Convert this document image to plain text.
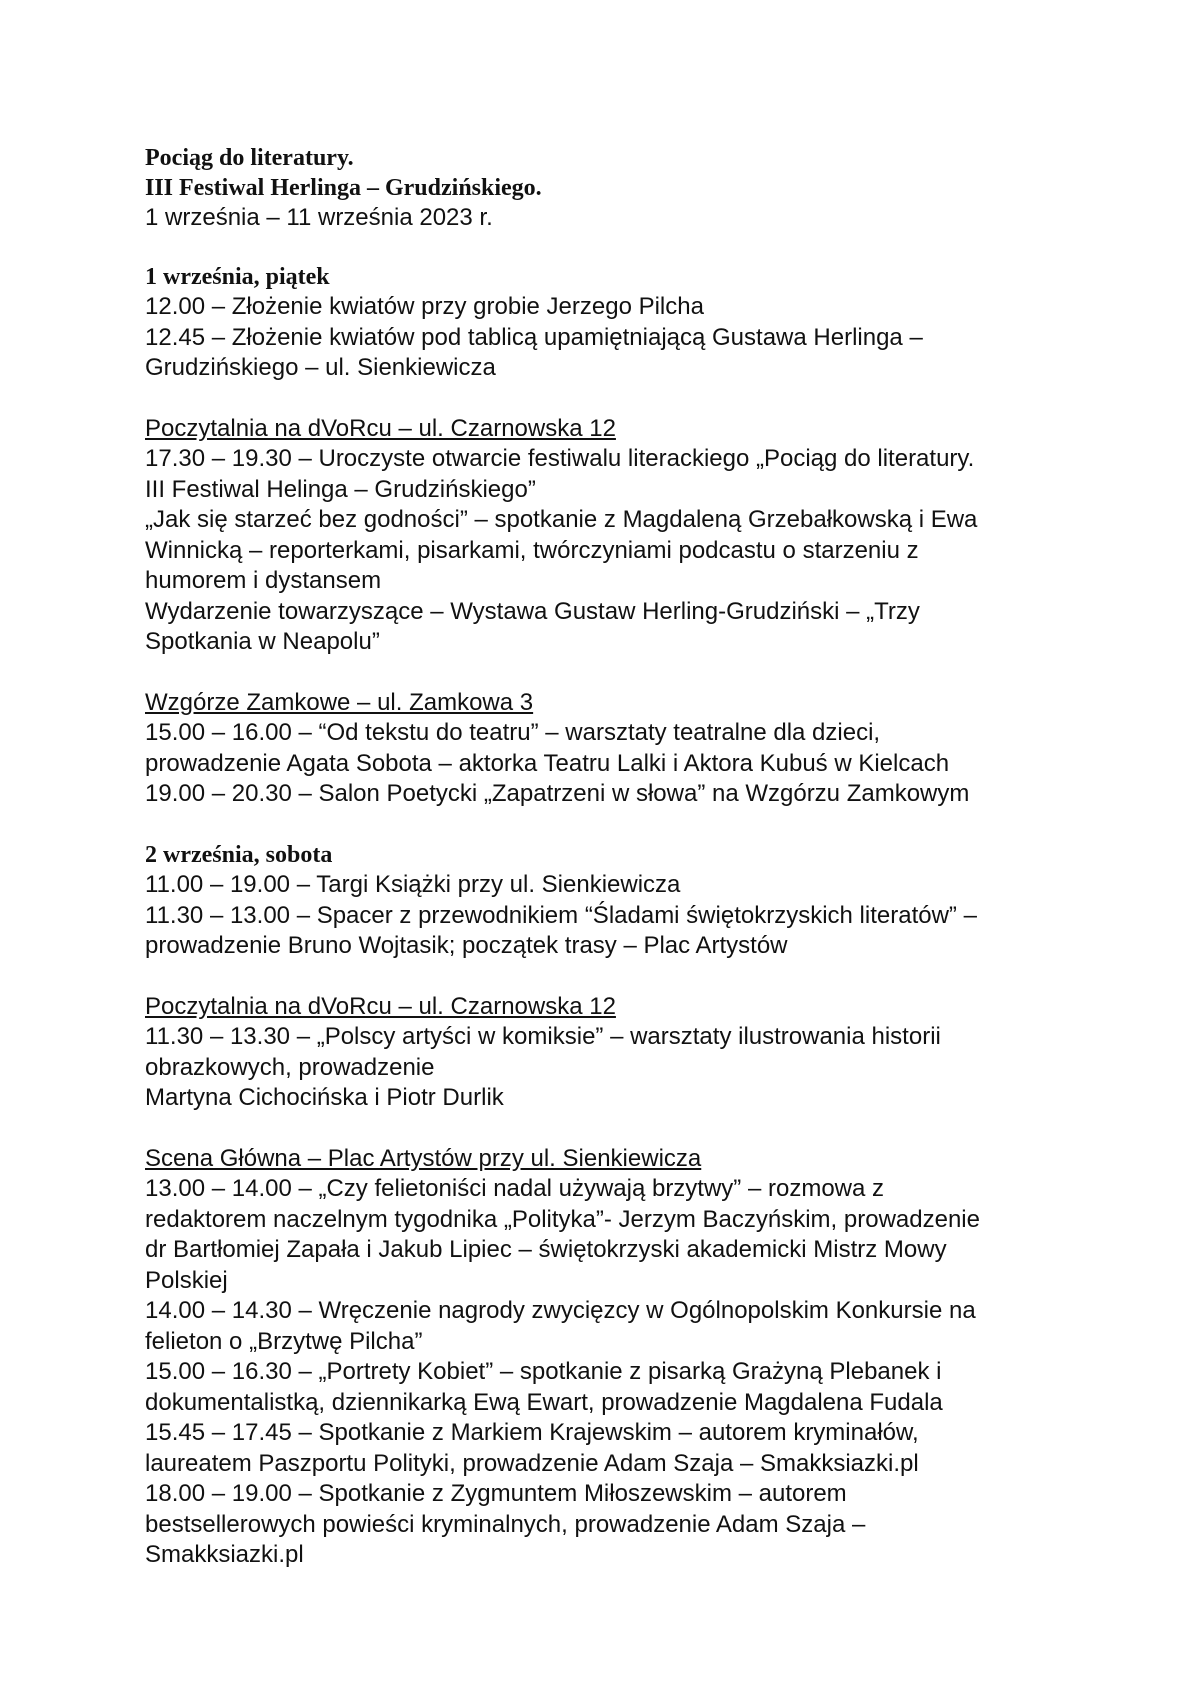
Pociąg do literatury.
III Festiwal Herlinga – Grudzińskiego.
1 września – 11 września 2023 r.
1 września, piątek
12.00 – Złożenie kwiatów przy grobie Jerzego Pilcha
12.45 – Złożenie kwiatów pod tablicą upamiętniającą Gustawa Herlinga –
Grudzińskiego – ul. Sienkiewicza
Poczytalnia na dVoRcu – ul. Czarnowska 12
17.30 – 19.30 – Uroczyste otwarcie festiwalu literackiego „Pociąg do literatury.
III Festiwal Helinga – Grudzińskiego”
„Jak się starzeć bez godności” – spotkanie z Magdaleną Grzebałkowską i Ewa
Winnicką – reporterkami, pisarkami, twórczyniami podcastu o starzeniu z
humorem i dystansem
Wydarzenie towarzyszące – Wystawa Gustaw Herling-Grudziński – „Trzy
Spotkania w Neapolu”
Wzgórze Zamkowe – ul. Zamkowa 3
15.00 – 16.00 – “Od tekstu do teatru” – warsztaty teatralne dla dzieci,
prowadzenie Agata Sobota – aktorka Teatru Lalki i Aktora Kubuś w Kielcach
19.00 – 20.30 – Salon Poetycki „Zapatrzeni w słowa” na Wzgórzu Zamkowym
2 września, sobota
11.00 – 19.00 – Targi Książki przy ul. Sienkiewicza
11.30 – 13.00 – Spacer z przewodnikiem “Śladami świętokrzyskich literatów” –
prowadzenie Bruno Wojtasik; początek trasy – Plac Artystów
Poczytalnia na dVoRcu – ul. Czarnowska 12
11.30 – 13.30 – „Polscy artyści w komiksie” – warsztaty ilustrowania historii
obrazkowych, prowadzenie
Martyna Cichocińska i Piotr Durlik
Scena Główna – Plac Artystów przy ul. Sienkiewicza
13.00 – 14.00 – „Czy felietoniści nadal używają brzytwy” – rozmowa z
redaktorem naczelnym tygodnika „Polityka”- Jerzym Baczyńskim, prowadzenie
dr Bartłomiej Zapała i Jakub Lipiec – świętokrzyski akademicki Mistrz Mowy
Polskiej
14.00 – 14.30 – Wręczenie nagrody zwycięzcy w Ogólnopolskim Konkursie na
felieton o „Brzytwę Pilcha”
15.00 – 16.30 – „Portrety Kobiet” – spotkanie z pisarką Grażyną Plebanek i
dokumentalistką, dziennikarką Ewą Ewart, prowadzenie Magdalena Fudala
15.45 – 17.45 – Spotkanie z Markiem Krajewskim – autorem kryminałów,
laureatem Paszportu Polityki, prowadzenie Adam Szaja – Smakksiazki.pl
18.00 – 19.00 – Spotkanie z Zygmuntem Miłoszewskim – autorem
bestsellerowych powieści kryminalnych, prowadzenie Adam Szaja –
Smakksiazki.pl
